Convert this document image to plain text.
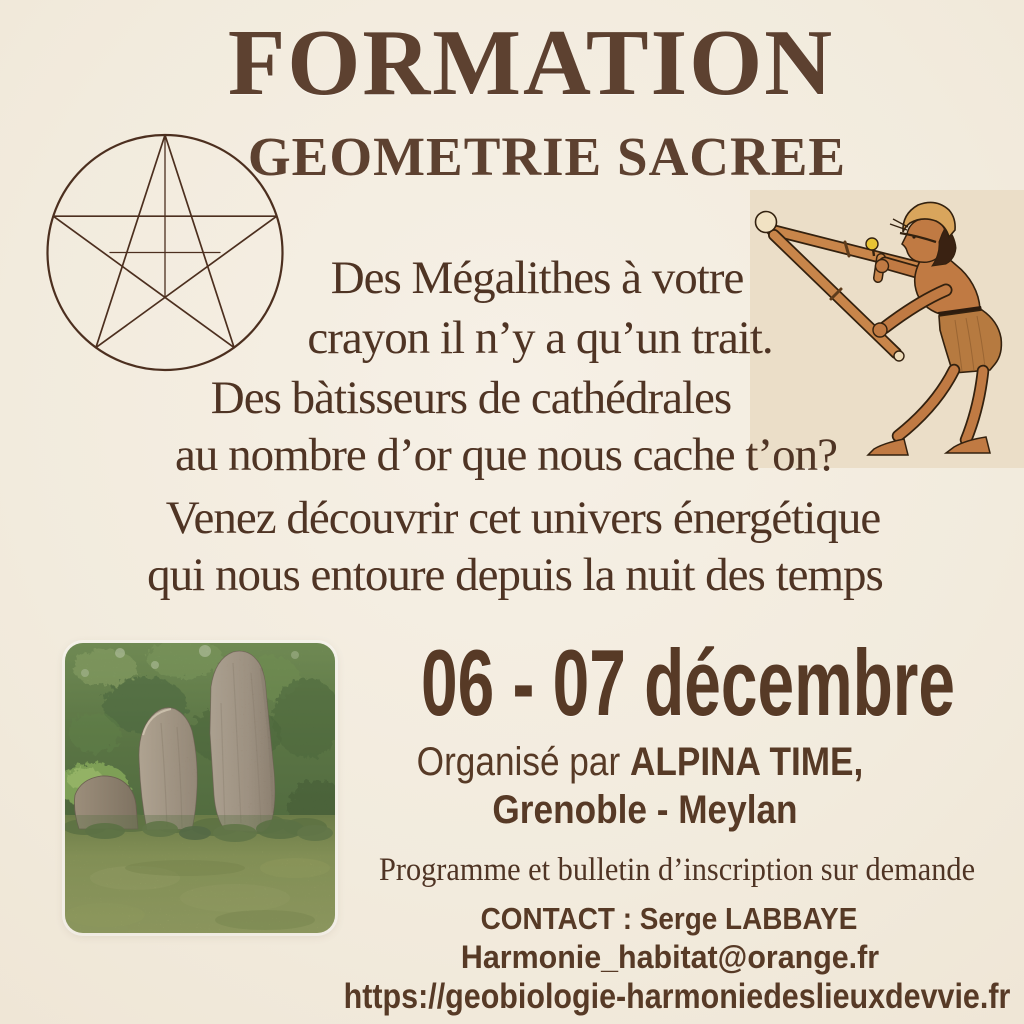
FORMATION
GEOMETRIE SACREE
Des Mégalithes à votre
crayon il n’y a qu’un trait.
Des bàtisseurs de cathédrales
au nombre d’or que nous cache t’on?
Venez découvrir cet univers énergétique
qui nous entoure depuis la nuit des temps
06 - 07 décembre
Organisé par ALPINA TIME,
Grenoble - Meylan
Programme et bulletin d’inscription sur demande
CONTACT : Serge LABBAYE
Harmonie_habitat@orange.fr
https://geobiologie-harmoniedeslieuxdevvie.fr
